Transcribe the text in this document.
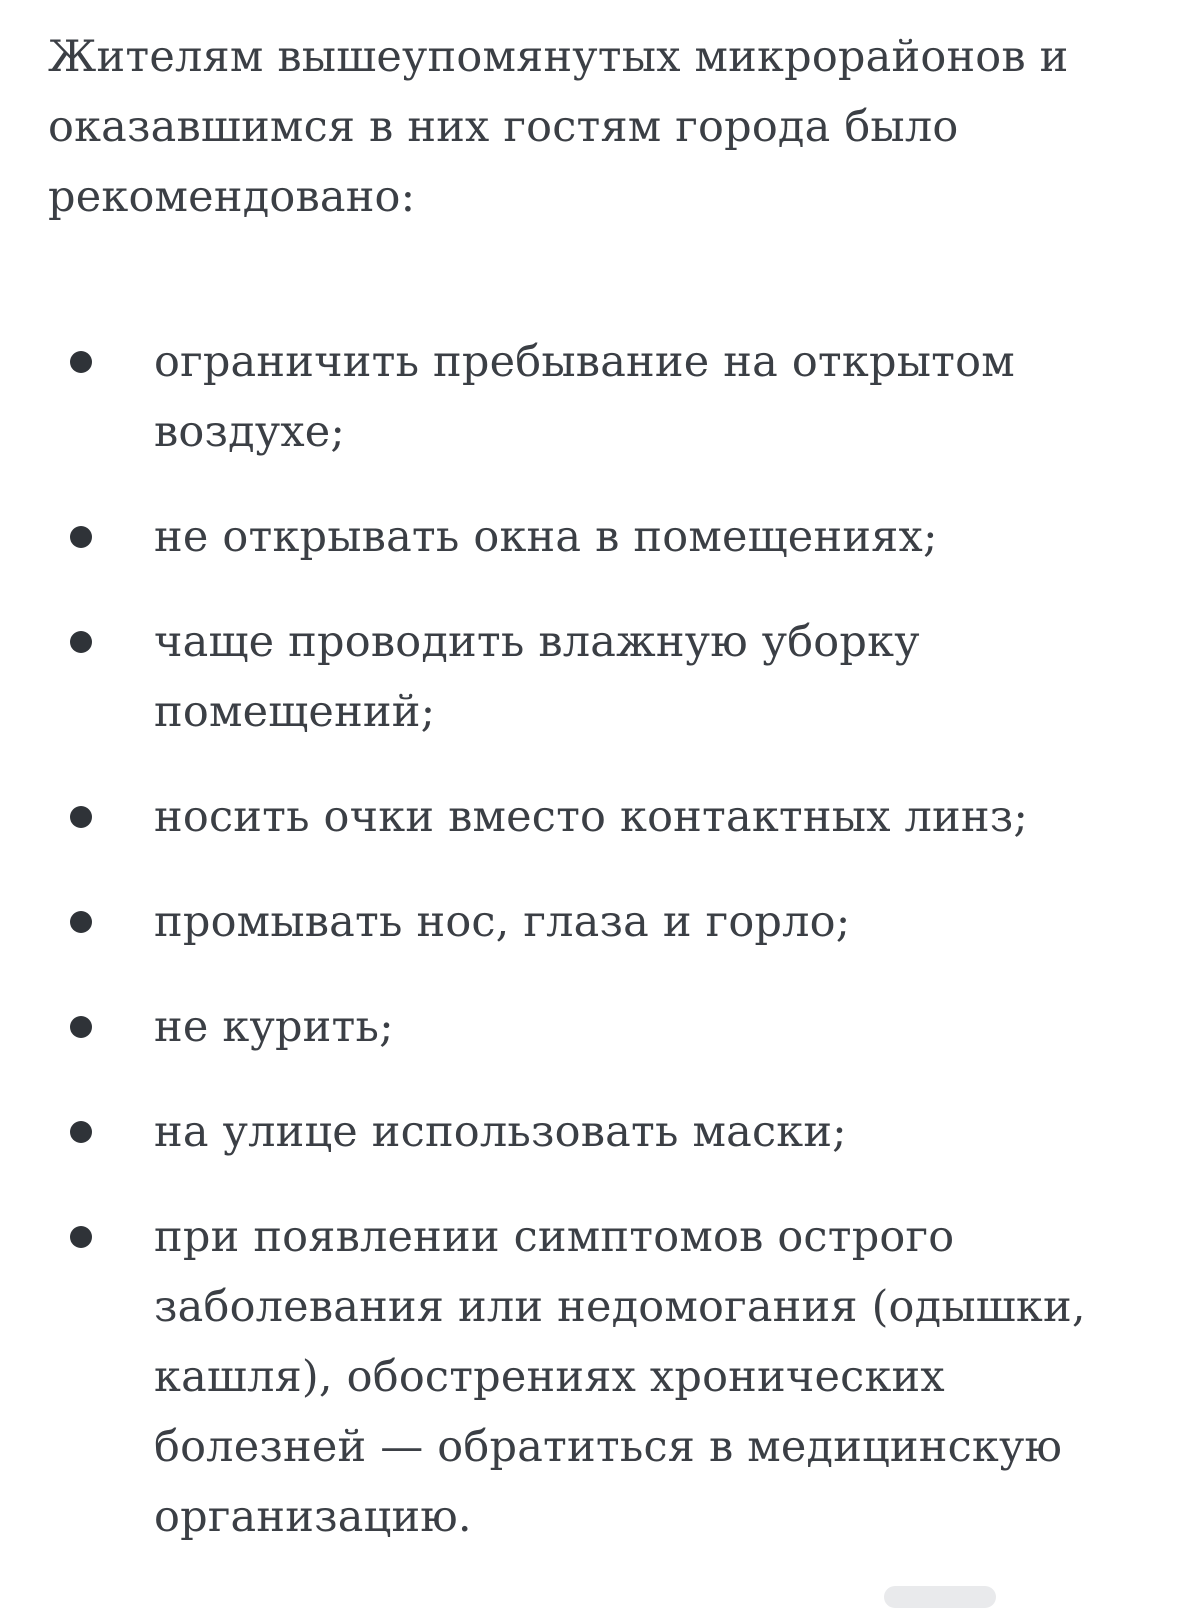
Жителям вышеупомянутых микрорайонов и оказавшимся в них гостям города было рекомендовано:

ограничить пребывание на открытом воздухе;
не открывать окна в помещениях;
чаще проводить влажную уборку помещений;
носить очки вместо контактных линз;
промывать нос, глаза и горло;
не курить;
на улице использовать маски;
при появлении симптомов острого заболевания или недомогания (одышки, кашля), обострениях хронических болезней — обратиться в медицинскую организацию.
